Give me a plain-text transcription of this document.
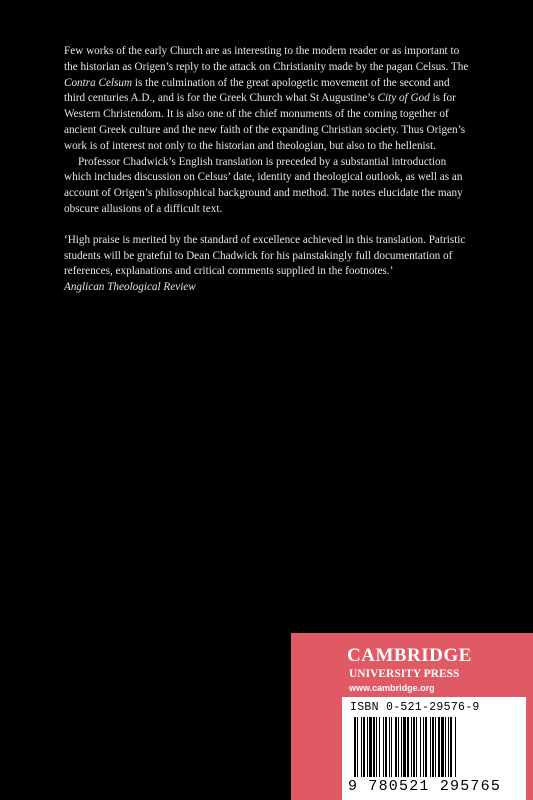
Few works of the early Church are as interesting to the modern reader or as important to the historian as Origen’s reply to the attack on Christianity made by the pagan Celsus. The Contra Celsum is the culmination of the great apologetic movement of the second and third centuries A.D., and is for the Greek Church what St Augustine’s City of God is for Western Christendom. It is also one of the chief monuments of the coming together of ancient Greek culture and the new faith of the expanding Christian society. Thus Origen’s work is of interest not only to the historian and theologian, but also to the hellenist.

Professor Chadwick’s English translation is preceded by a substantial introduction which includes discussion on Celsus’ date, identity and theological outlook, as well as an account of Origen’s philosophical background and method. The notes elucidate the many obscure allusions of a difficult text.

‘High praise is merited by the standard of excellence achieved in this translation. Patristic students will be grateful to Dean Chadwick for his painstakingly full documentation of references, explanations and critical comments supplied in the footnotes.’

Anglican Theological Review

CAMBRIDGE
UNIVERSITY PRESS
www.cambridge.org
ISBN 0-521-29576-9
9 780521 295765
